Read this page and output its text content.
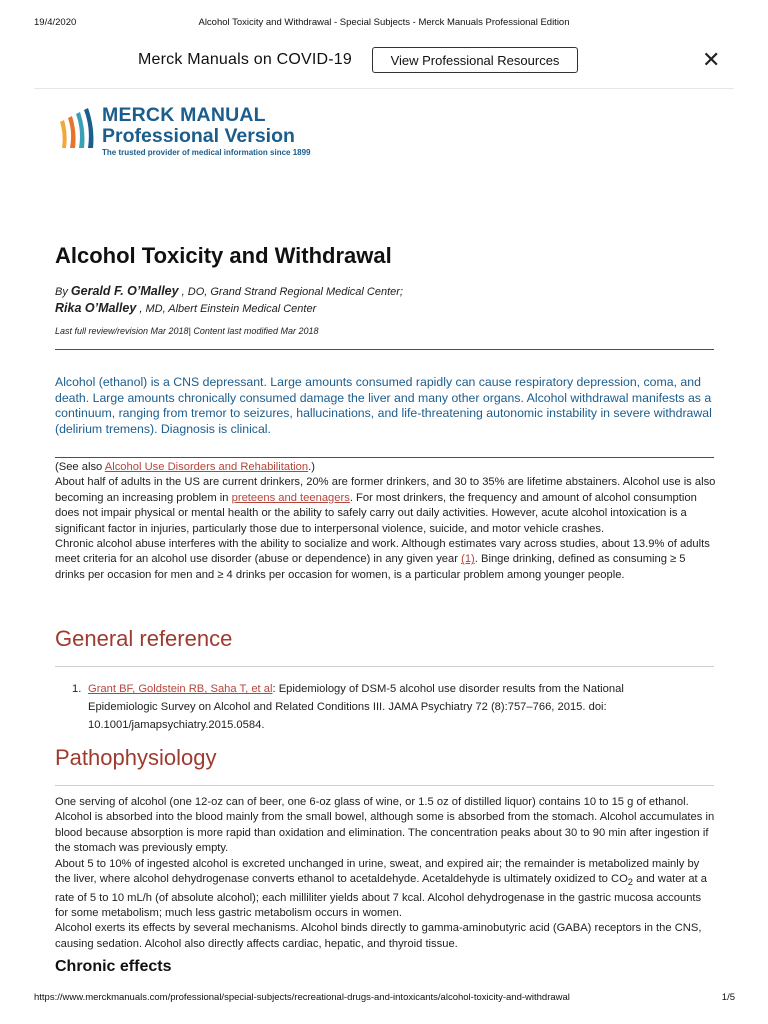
19/4/2020	Alcohol Toxicity and Withdrawal - Special Subjects - Merck Manuals Professional Edition
Merck Manuals on COVID-19	View Professional Resources	✕
MERCK MANUAL
Professional Version
The trusted provider of medical information since 1899
Alcohol Toxicity and Withdrawal
By Gerald F. O’Malley , DO, Grand Strand Regional Medical Center;
Rika O’Malley , MD, Albert Einstein Medical Center
Last full review/revision Mar 2018| Content last modified Mar 2018

Alcohol (ethanol) is a CNS depressant. Large amounts consumed rapidly can cause respiratory depression, coma, and death. Large amounts chronically consumed damage the liver and many other organs. Alcohol withdrawal manifests as a continuum, ranging from tremor to seizures, hallucinations, and life-threatening autonomic instability in severe withdrawal (delirium tremens). Diagnosis is clinical.

(See also Alcohol Use Disorders and Rehabilitation.)
About half of adults in the US are current drinkers, 20% are former drinkers, and 30 to 35% are lifetime abstainers. Alcohol use is also becoming an increasing problem in preteens and teenagers. For most drinkers, the frequency and amount of alcohol consumption does not impair physical or mental health or the ability to safely carry out daily activities. However, acute alcohol intoxication is a significant factor in injuries, particularly those due to interpersonal violence, suicide, and motor vehicle crashes.
Chronic alcohol abuse interferes with the ability to socialize and work. Although estimates vary across studies, about 13.9% of adults meet criteria for an alcohol use disorder (abuse or dependence) in any given year (1). Binge drinking, defined as consuming ≥ 5 drinks per occasion for men and ≥ 4 drinks per occasion for women, is a particular problem among younger people.
General reference
1. Grant BF, Goldstein RB, Saha T, et al: Epidemiology of DSM-5 alcohol use disorder results from the National Epidemiologic Survey on Alcohol and Related Conditions III. JAMA Psychiatry 72 (8):757–766, 2015. doi: 10.1001/jamapsychiatry.2015.0584.
Pathophysiology
One serving of alcohol (one 12-oz can of beer, one 6-oz glass of wine, or 1.5 oz of distilled liquor) contains 10 to 15 g of ethanol. Alcohol is absorbed into the blood mainly from the small bowel, although some is absorbed from the stomach. Alcohol accumulates in blood because absorption is more rapid than oxidation and elimination. The concentration peaks about 30 to 90 min after ingestion if the stomach was previously empty.
About 5 to 10% of ingested alcohol is excreted unchanged in urine, sweat, and expired air; the remainder is metabolized mainly by the liver, where alcohol dehydrogenase converts ethanol to acetaldehyde. Acetaldehyde is ultimately oxidized to $CO_2$ and water at a rate of 5 to 10 mL/h (of absolute alcohol); each milliliter yields about 7 kcal. Alcohol dehydrogenase in the gastric mucosa accounts for some metabolism; much less gastric metabolism occurs in women.
Alcohol exerts its effects by several mechanisms. Alcohol binds directly to gamma-aminobutyric acid (GABA) receptors in the CNS, causing sedation. Alcohol also directly affects cardiac, hepatic, and thyroid tissue.
Chronic effects
https://www.merckmanuals.com/professional/special-subjects/recreational-drugs-and-intoxicants/alcohol-toxicity-and-withdrawal	1/5
